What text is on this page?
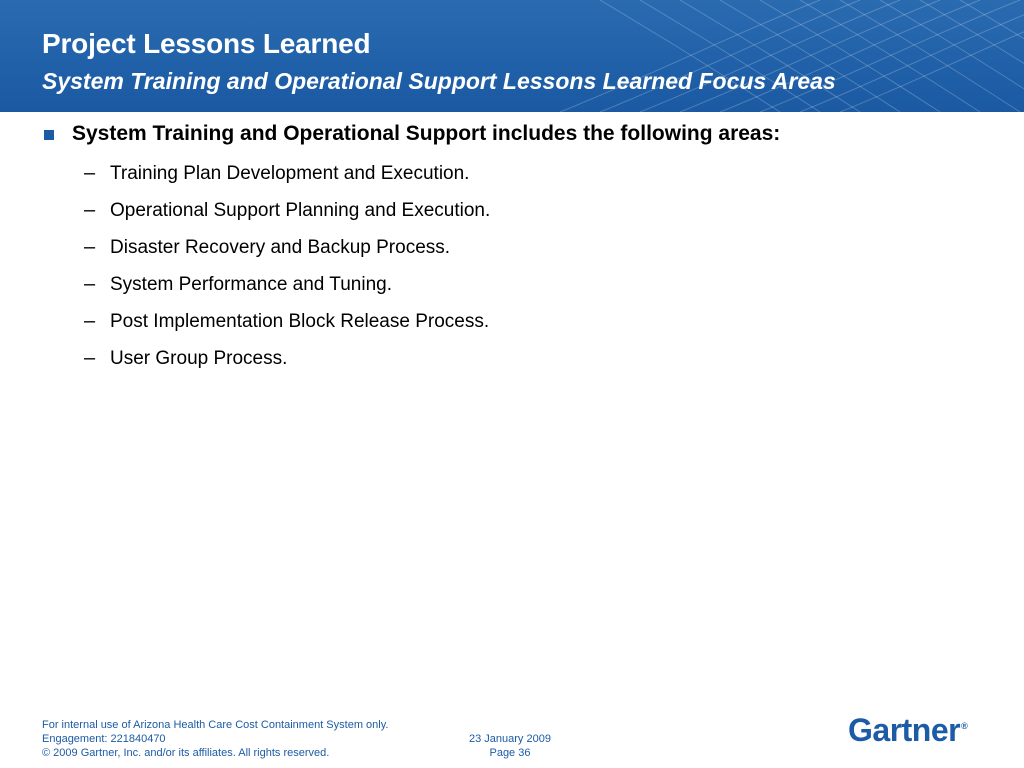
Project Lessons Learned
System Training and Operational Support Lessons Learned Focus Areas
System Training and Operational Support includes the following areas:
– Training Plan Development and Execution.
– Operational Support Planning and Execution.
– Disaster Recovery and Backup Process.
– System Performance and Tuning.
– Post Implementation Block Release Process.
– User Group Process.
For internal use of Arizona Health Care Cost Containment System only.
Engagement: 221840470
© 2009 Gartner, Inc. and/or its affiliates. All rights reserved.
23 January 2009
Page 36
Gartner®
